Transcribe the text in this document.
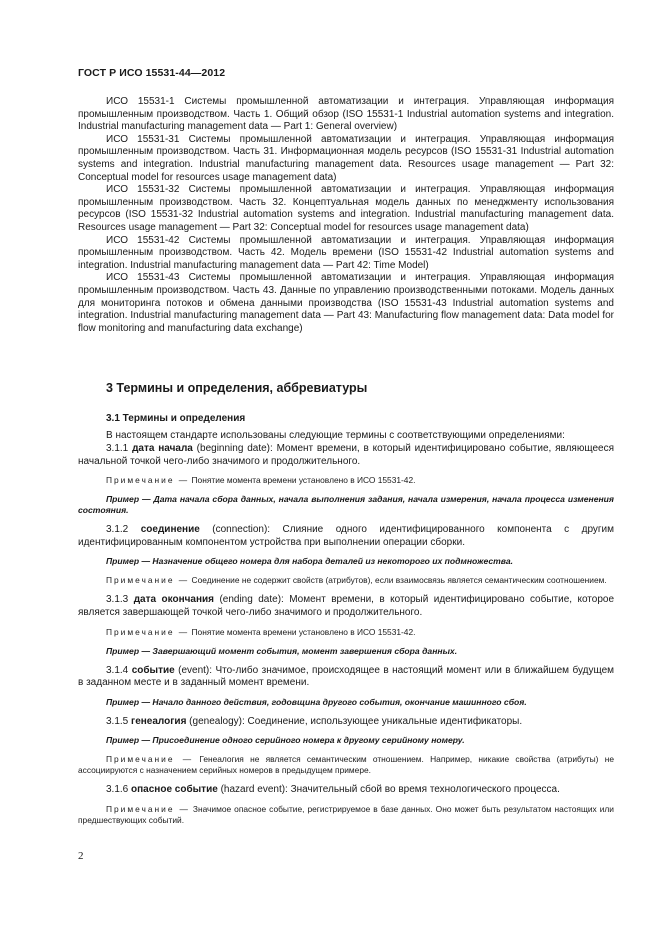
ГОСТ Р ИСО 15531-44—2012

ИСО 15531-1 Системы промышленной автоматизации и интеграция. Управляющая информация промышленным производством. Часть 1. Общий обзор (ISO 15531-1 Industrial automation systems and integration. Industrial manufacturing management data — Part 1: General overview)

ИСО 15531-31 Системы промышленной автоматизации и интеграция. Управляющая информация промышленным производством. Часть 31. Информационная модель ресурсов (ISO 15531-31 Industrial automation systems and integration. Industrial manufacturing management data. Resources usage management — Part 32: Conceptual model for resources usage management data)

ИСО 15531-32 Системы промышленной автоматизации и интеграция. Управляющая информация промышленным производством. Часть 32. Концептуальная модель данных по менеджменту использования ресурсов (ISO 15531-32 Industrial automation systems and integration. Industrial manufacturing management data. Resources usage management — Part 32: Conceptual model for resources usage management data)

ИСО 15531-42 Системы промышленной автоматизации и интеграция. Управляющая информация промышленным производством. Часть 42. Модель времени (ISO 15531-42 Industrial automation systems and integration. Industrial manufacturing management data — Part 42: Time Model)

ИСО 15531-43 Системы промышленной автоматизации и интеграция. Управляющая информация промышленным производством. Часть 43. Данные по управлению производственными потоками. Модель данных для мониторинга потоков и обмена данными производства (ISO 15531-43 Industrial automation systems and integration. Industrial manufacturing management data — Part 43: Manufacturing flow management data: Data model for flow monitoring and manufacturing data exchange)

3 Термины и определения, аббревиатуры
3.1 Термины и определения

В настоящем стандарте использованы следующие термины с соответствующими определениями:

3.1.1 дата начала (beginning date): Момент времени, в который идентифицировано событие, являющееся начальной точкой чего-либо значимого и продолжительного.

Примечание — Понятие момента времени установлено в ИСО 15531-42.

Пример — Дата начала сбора данных, начала выполнения задания, начала измерения, начала процесса изменения состояния.

3.1.2 соединение (connection): Слияние одного идентифицированного компонента с другим идентифицированным компонентом устройства при выполнении операции сборки.

Пример — Назначение общего номера для набора деталей из некоторого их подмножества.

Примечание — Соединение не содержит свойств (атрибутов), если взаимосвязь является семантическим соотношением.

3.1.3 дата окончания (ending date): Момент времени, в который идентифицировано событие, которое является завершающей точкой чего-либо значимого и продолжительного.

Примечание — Понятие момента времени установлено в ИСО 15531-42.

Пример — Завершающий момент события, момент завершения сбора данных.

3.1.4 событие (event): Что-либо значимое, происходящее в настоящий момент или в ближайшем будущем в заданном месте и в заданный момент времени.

Пример — Начало данного действия, годовщина другого события, окончание машинного сбоя.

3.1.5 генеалогия (genealogy): Соединение, использующее уникальные идентификаторы.

Пример — Присоединение одного серийного номера к другому серийному номеру.

Примечание — Генеалогия не является семантическим отношением. Например, никакие свойства (атрибуты) не ассоциируются с назначением серийных номеров в предыдущем примере.

3.1.6 опасное событие (hazard event): Значительный сбой во время технологического процесса.

Примечание — Значимое опасное событие, регистрируемое в базе данных. Оно может быть результатом настоящих или предшествующих событий.

2
